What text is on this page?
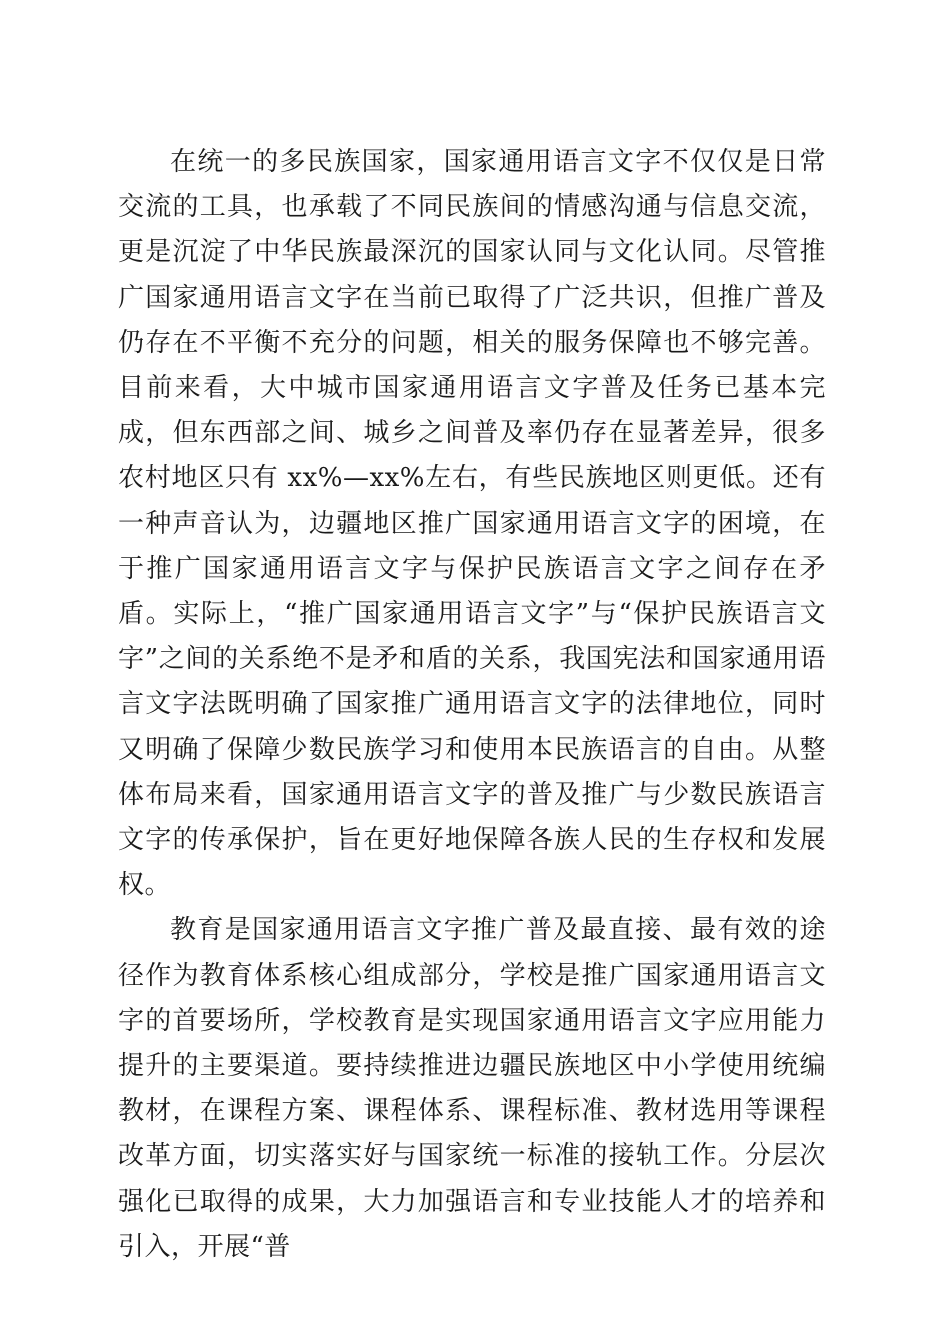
在统一的多民族国家，国家通用语言文字不仅仅是日常交流的工具，也承载了不同民族间的情感沟通与信息交流，更是沉淀了中华民族最深沉的国家认同与文化认同。尽管推广国家通用语言文字在当前已取得了广泛共识，但推广普及仍存在不平衡不充分的问题，相关的服务保障也不够完善。目前来看，大中城市国家通用语言文字普及任务已基本完成，但东西部之间、城乡之间普及率仍存在显著差异，很多农村地区只有 xx%—xx%左右，有些民族地区则更低。还有一种声音认为，边疆地区推广国家通用语言文字的困境，在于推广国家通用语言文字与保护民族语言文字之间存在矛盾。实际上，“推广国家通用语言文字”与“保护民族语言文字”之间的关系绝不是矛和盾的关系，我国宪法和国家通用语言文字法既明确了国家推广通用语言文字的法律地位，同时又明确了保障少数民族学习和使用本民族语言的自由。从整体布局来看，国家通用语言文字的普及推广与少数民族语言文字的传承保护，旨在更好地保障各族人民的生存权和发展权。

教育是国家通用语言文字推广普及最直接、最有效的途径作为教育体系核心组成部分，学校是推广国家通用语言文字的首要场所，学校教育是实现国家通用语言文字应用能力提升的主要渠道。要持续推进边疆民族地区中小学使用统编教材，在课程方案、课程体系、课程标准、教材选用等课程改革方面，切实落实好与国家统一标准的接轨工作。分层次强化已取得的成果，大力加强语言和专业技能人才的培养和引入，开展“普
